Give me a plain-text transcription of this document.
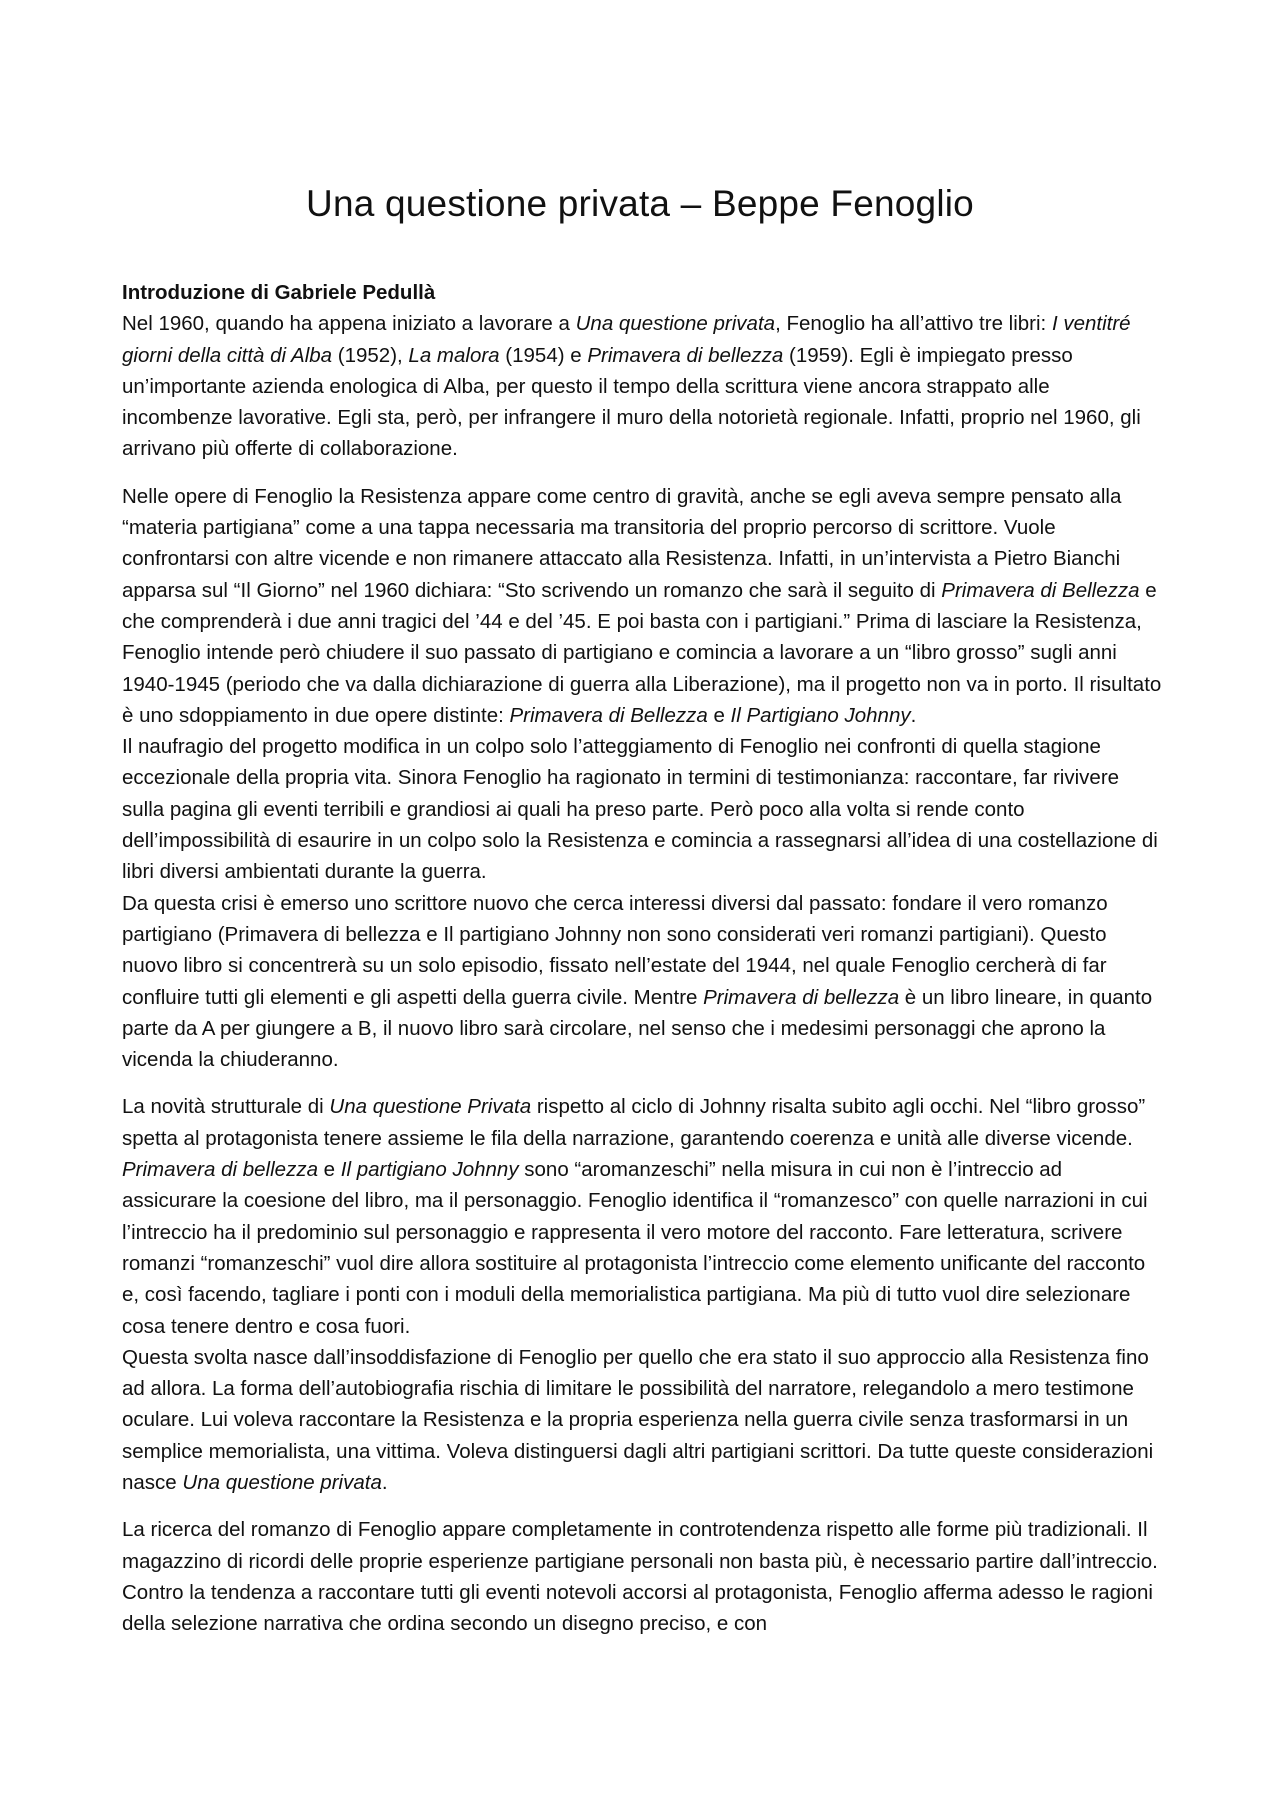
Una questione privata – Beppe Fenoglio

Introduzione di Gabriele Pedullà

Nel 1960, quando ha appena iniziato a lavorare a Una questione privata, Fenoglio ha all’attivo tre libri: I ventitré giorni della città di Alba (1952), La malora (1954) e Primavera di bellezza (1959). Egli è impiegato presso un’importante azienda enologica di Alba, per questo il tempo della scrittura viene ancora strappato alle incombenze lavorative. Egli sta, però, per infrangere il muro della notorietà regionale. Infatti, proprio nel 1960, gli arrivano più offerte di collaborazione.

Nelle opere di Fenoglio la Resistenza appare come centro di gravità, anche se egli aveva sempre pensato alla “materia partigiana” come a una tappa necessaria ma transitoria del proprio percorso di scrittore. Vuole confrontarsi con altre vicende e non rimanere attaccato alla Resistenza. Infatti, in un’intervista a Pietro Bianchi apparsa sul “Il Giorno” nel 1960 dichiara: “Sto scrivendo un romanzo che sarà il seguito di Primavera di Bellezza e che comprenderà i due anni tragici del ’44 e del ’45. E poi basta con i partigiani.” Prima di lasciare la Resistenza, Fenoglio intende però chiudere il suo passato di partigiano e comincia a lavorare a un “libro grosso” sugli anni 1940-1945 (periodo che va dalla dichiarazione di guerra alla Liberazione), ma il progetto non va in porto. Il risultato è uno sdoppiamento in due opere distinte: Primavera di Bellezza e Il Partigiano Johnny.

Il naufragio del progetto modifica in un colpo solo l’atteggiamento di Fenoglio nei confronti di quella stagione eccezionale della propria vita. Sinora Fenoglio ha ragionato in termini di testimonianza: raccontare, far rivivere sulla pagina gli eventi terribili e grandiosi ai quali ha preso parte. Però poco alla volta si rende conto dell’impossibilità di esaurire in un colpo solo la Resistenza e comincia a rassegnarsi all’idea di una costellazione di libri diversi ambientati durante la guerra.

Da questa crisi è emerso uno scrittore nuovo che cerca interessi diversi dal passato: fondare il vero romanzo partigiano (Primavera di bellezza e Il partigiano Johnny non sono considerati veri romanzi partigiani). Questo nuovo libro si concentrerà su un solo episodio, fissato nell’estate del 1944, nel quale Fenoglio cercherà di far confluire tutti gli elementi e gli aspetti della guerra civile. Mentre Primavera di bellezza è un libro lineare, in quanto parte da A per giungere a B, il nuovo libro sarà circolare, nel senso che i medesimi personaggi che aprono la vicenda la chiuderanno.

La novità strutturale di Una questione Privata rispetto al ciclo di Johnny risalta subito agli occhi. Nel “libro grosso” spetta al protagonista tenere assieme le fila della narrazione, garantendo coerenza e unità alle diverse vicende. Primavera di bellezza e Il partigiano Johnny sono “aromanzeschi” nella misura in cui non è l’intreccio ad assicurare la coesione del libro, ma il personaggio. Fenoglio identifica il “romanzesco” con quelle narrazioni in cui l’intreccio ha il predominio sul personaggio e rappresenta il vero motore del racconto. Fare letteratura, scrivere romanzi “romanzeschi” vuol dire allora sostituire al protagonista l’intreccio come elemento unificante del racconto e, così facendo, tagliare i ponti con i moduli della memorialistica partigiana. Ma più di tutto vuol dire selezionare cosa tenere dentro e cosa fuori.

Questa svolta nasce dall’insoddisfazione di Fenoglio per quello che era stato il suo approccio alla Resistenza fino ad allora. La forma dell’autobiografia rischia di limitare le possibilità del narratore, relegandolo a mero testimone oculare. Lui voleva raccontare la Resistenza e la propria esperienza nella guerra civile senza trasformarsi in un semplice memorialista, una vittima. Voleva distinguersi dagli altri partigiani scrittori. Da tutte queste considerazioni nasce Una questione privata.

La ricerca del romanzo di Fenoglio appare completamente in controtendenza rispetto alle forme più tradizionali. Il magazzino di ricordi delle proprie esperienze partigiane personali non basta più, è necessario partire dall’intreccio. Contro la tendenza a raccontare tutti gli eventi notevoli accorsi al protagonista, Fenoglio afferma adesso le ragioni della selezione narrativa che ordina secondo un disegno preciso, e con
